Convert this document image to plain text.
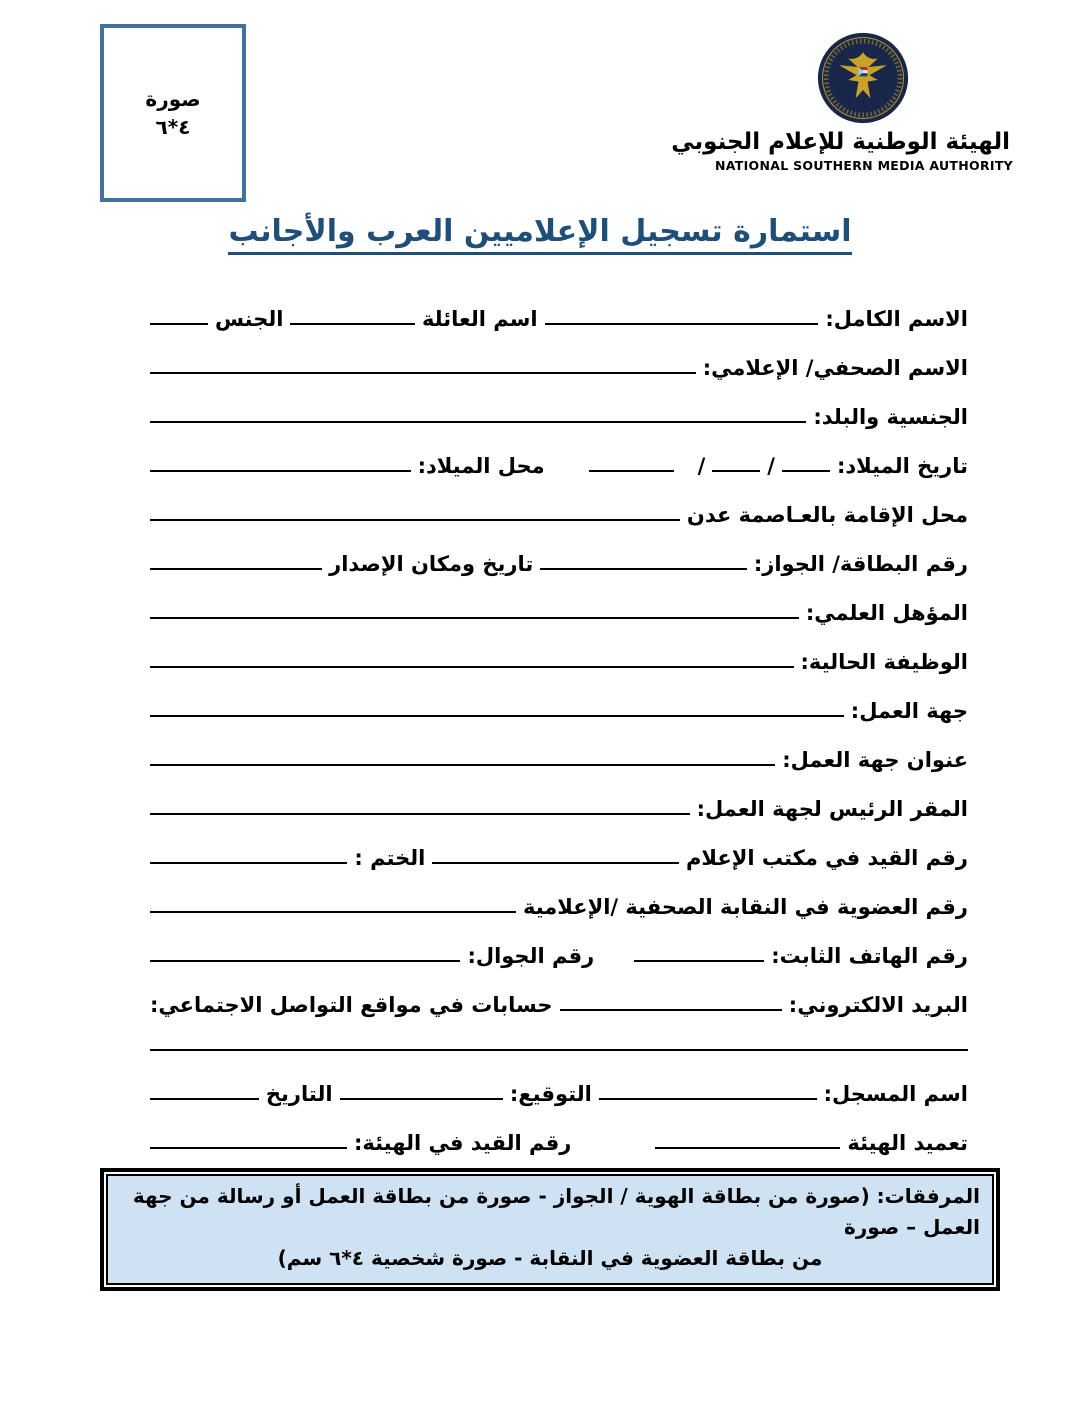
صورة
٤*٦
الهيئة الوطنية للإعلام الجنوبي
NATIONAL SOUTHERN MEDIA AUTHORITY
استمارة تسجيل الإعلاميين العرب والأجانب
الاسم الكامل:
اسم العائلة
الجنس
الاسم الصحفي/ الإعلامي:
الجنسية والبلد:
تاريخ الميلاد:
/
/
محل الميلاد:
محل الإقامة بالعـاصمة عدن
رقم البطاقة/ الجواز:
تاريخ ومكان الإصدار
المؤهل العلمي:
الوظيفة الحالية:
جهة العمل:
عنوان جهة العمل:
المقر الرئيس لجهة العمل:
رقم القيد في مكتب الإعلام
الختم :
رقم العضوية في النقابة الصحفية /الإعلامية
رقم الهاتف الثابت:
رقم الجوال:
البريد الالكتروني:
حسابات في مواقع التواصل الاجتماعي:
اسم المسجل:
التوقيع:
التاريخ
تعميد الهيئة
رقم القيد في الهيئة:
المرفقات: (صورة من بطاقة الهوية / الجواز - صورة من بطاقة العمل أو رسالة من جهة العمل – صورة
من بطاقة العضوية في النقابة - صورة شخصية ٤*٦ سم)
